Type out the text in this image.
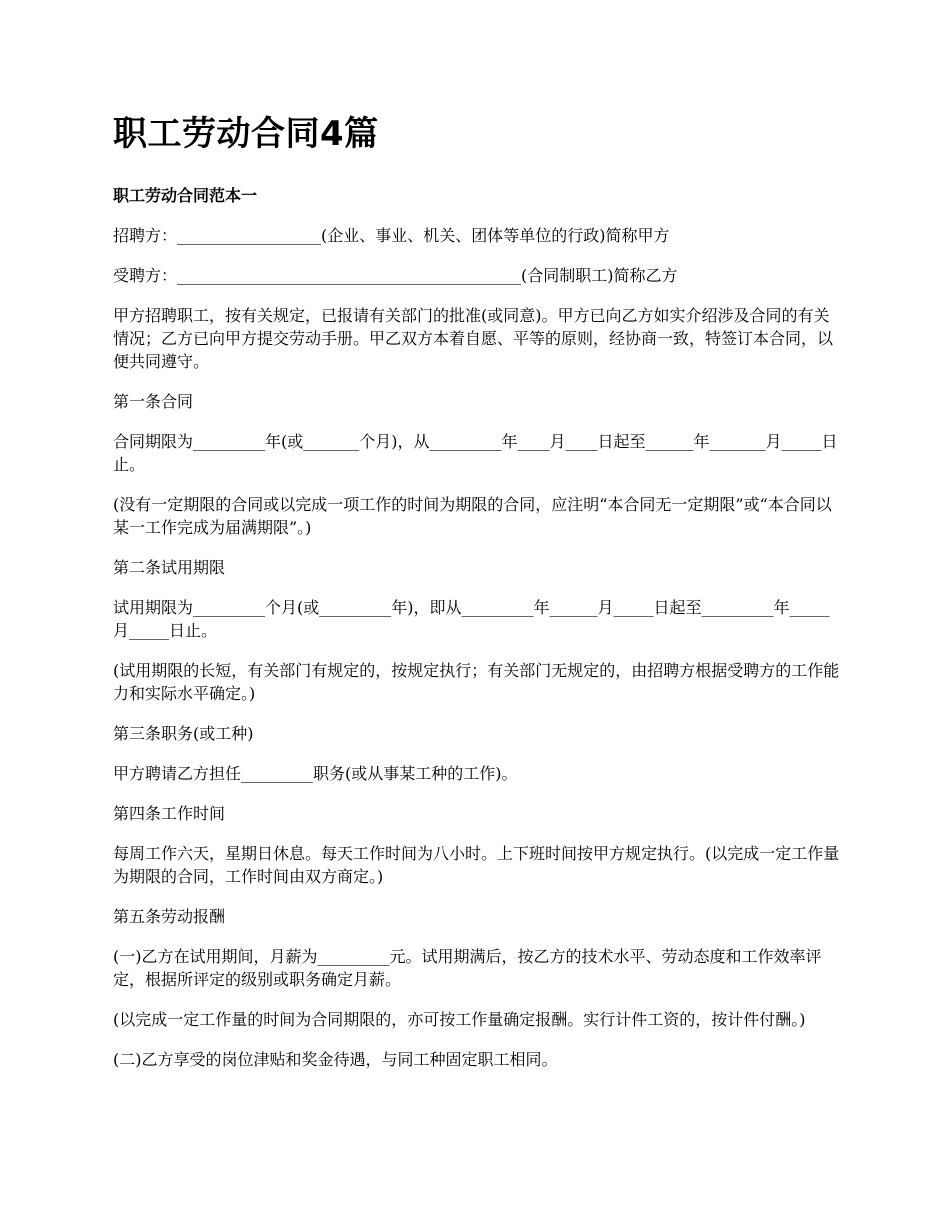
职工劳动合同4篇
职工劳动合同范本一

招聘方：__________________(企业、事业、机关、团体等单位的行政)简称甲方

受聘方：___________________________________________(合同制职工)简称乙方

甲方招聘职工，按有关规定，已报请有关部门的批准(或同意)。甲方已向乙方如实介绍涉及合同的有关情况；乙方已向甲方提交劳动手册。甲乙双方本着自愿、平等的原则，经协商一致，特签订本合同，以便共同遵守。

第一条合同

合同期限为_________年(或_______个月)，从_________年____月____日起至______年_______月_____日止。

(没有一定期限的合同或以完成一项工作的时间为期限的合同，应注明“本合同无一定期限”或“本合同以某一工作完成为届满期限”。)

第二条试用期限

试用期限为_________个月(或_________年)，即从_________年______月_____日起至_________年_____月_____日止。

(试用期限的长短，有关部门有规定的，按规定执行；有关部门无规定的，由招聘方根据受聘方的工作能力和实际水平确定。)

第三条职务(或工种)

甲方聘请乙方担任_________职务(或从事某工种的工作)。

第四条工作时间

每周工作六天，星期日休息。每天工作时间为八小时。上下班时间按甲方规定执行。(以完成一定工作量为期限的合同，工作时间由双方商定。)

第五条劳动报酬

(一)乙方在试用期间，月薪为_________元。试用期满后，按乙方的技术水平、劳动态度和工作效率评定，根据所评定的级别或职务确定月薪。

(以完成一定工作量的时间为合同期限的，亦可按工作量确定报酬。实行计件工资的，按计件付酬。)

(二)乙方享受的岗位津贴和奖金待遇，与同工种固定职工相同。
